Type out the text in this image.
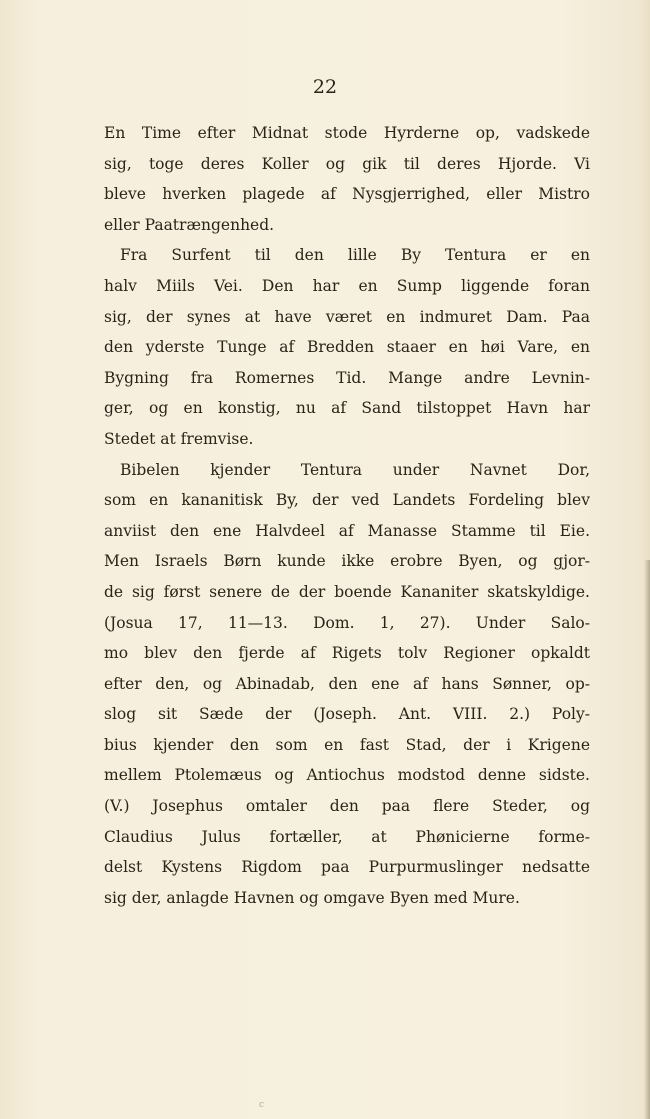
22
En Time efter Midnat stode Hyrderne op, vadskede
sig, toge deres Koller og gik til deres Hjorde. Vi
bleve hverken plagede af Nysgjerrighed, eller Mistro
eller Paatrængenhed.
Fra Surfent til den lille By Tentura er en
halv Miils Vei. Den har en Sump liggende foran
sig, der synes at have været en indmuret Dam. Paa
den yderste Tunge af Bredden staaer en høi Vare, en
Bygning fra Romernes Tid. Mange andre Levnin-
ger, og en konstig, nu af Sand tilstoppet Havn har
Stedet at fremvise.
Bibelen kjender Tentura under Navnet Dor,
som en kananitisk By, der ved Landets Fordeling blev
anviist den ene Halvdeel af Manasse Stamme til Eie.
Men Israels Børn kunde ikke erobre Byen, og gjor-
de sig først senere de der boende Kananiter skatskyldige.
(Josua 17, 11—13. Dom. 1, 27). Under Salo-
mo blev den fjerde af Rigets tolv Regioner opkaldt
efter den, og Abinadab, den ene af hans Sønner, op-
slog sit Sæde der (Joseph. Ant. VIII. 2.) Poly-
bius kjender den som en fast Stad, der i Krigene
mellem Ptolemæus og Antiochus modstod denne sidste.
(V.) Josephus omtaler den paa flere Steder, og
Claudius Julus fortæller, at Phønicierne forme-
delst Kystens Rigdom paa Purpurmuslinger nedsatte
sig der, anlagde Havnen og omgave Byen med Mure.
c
